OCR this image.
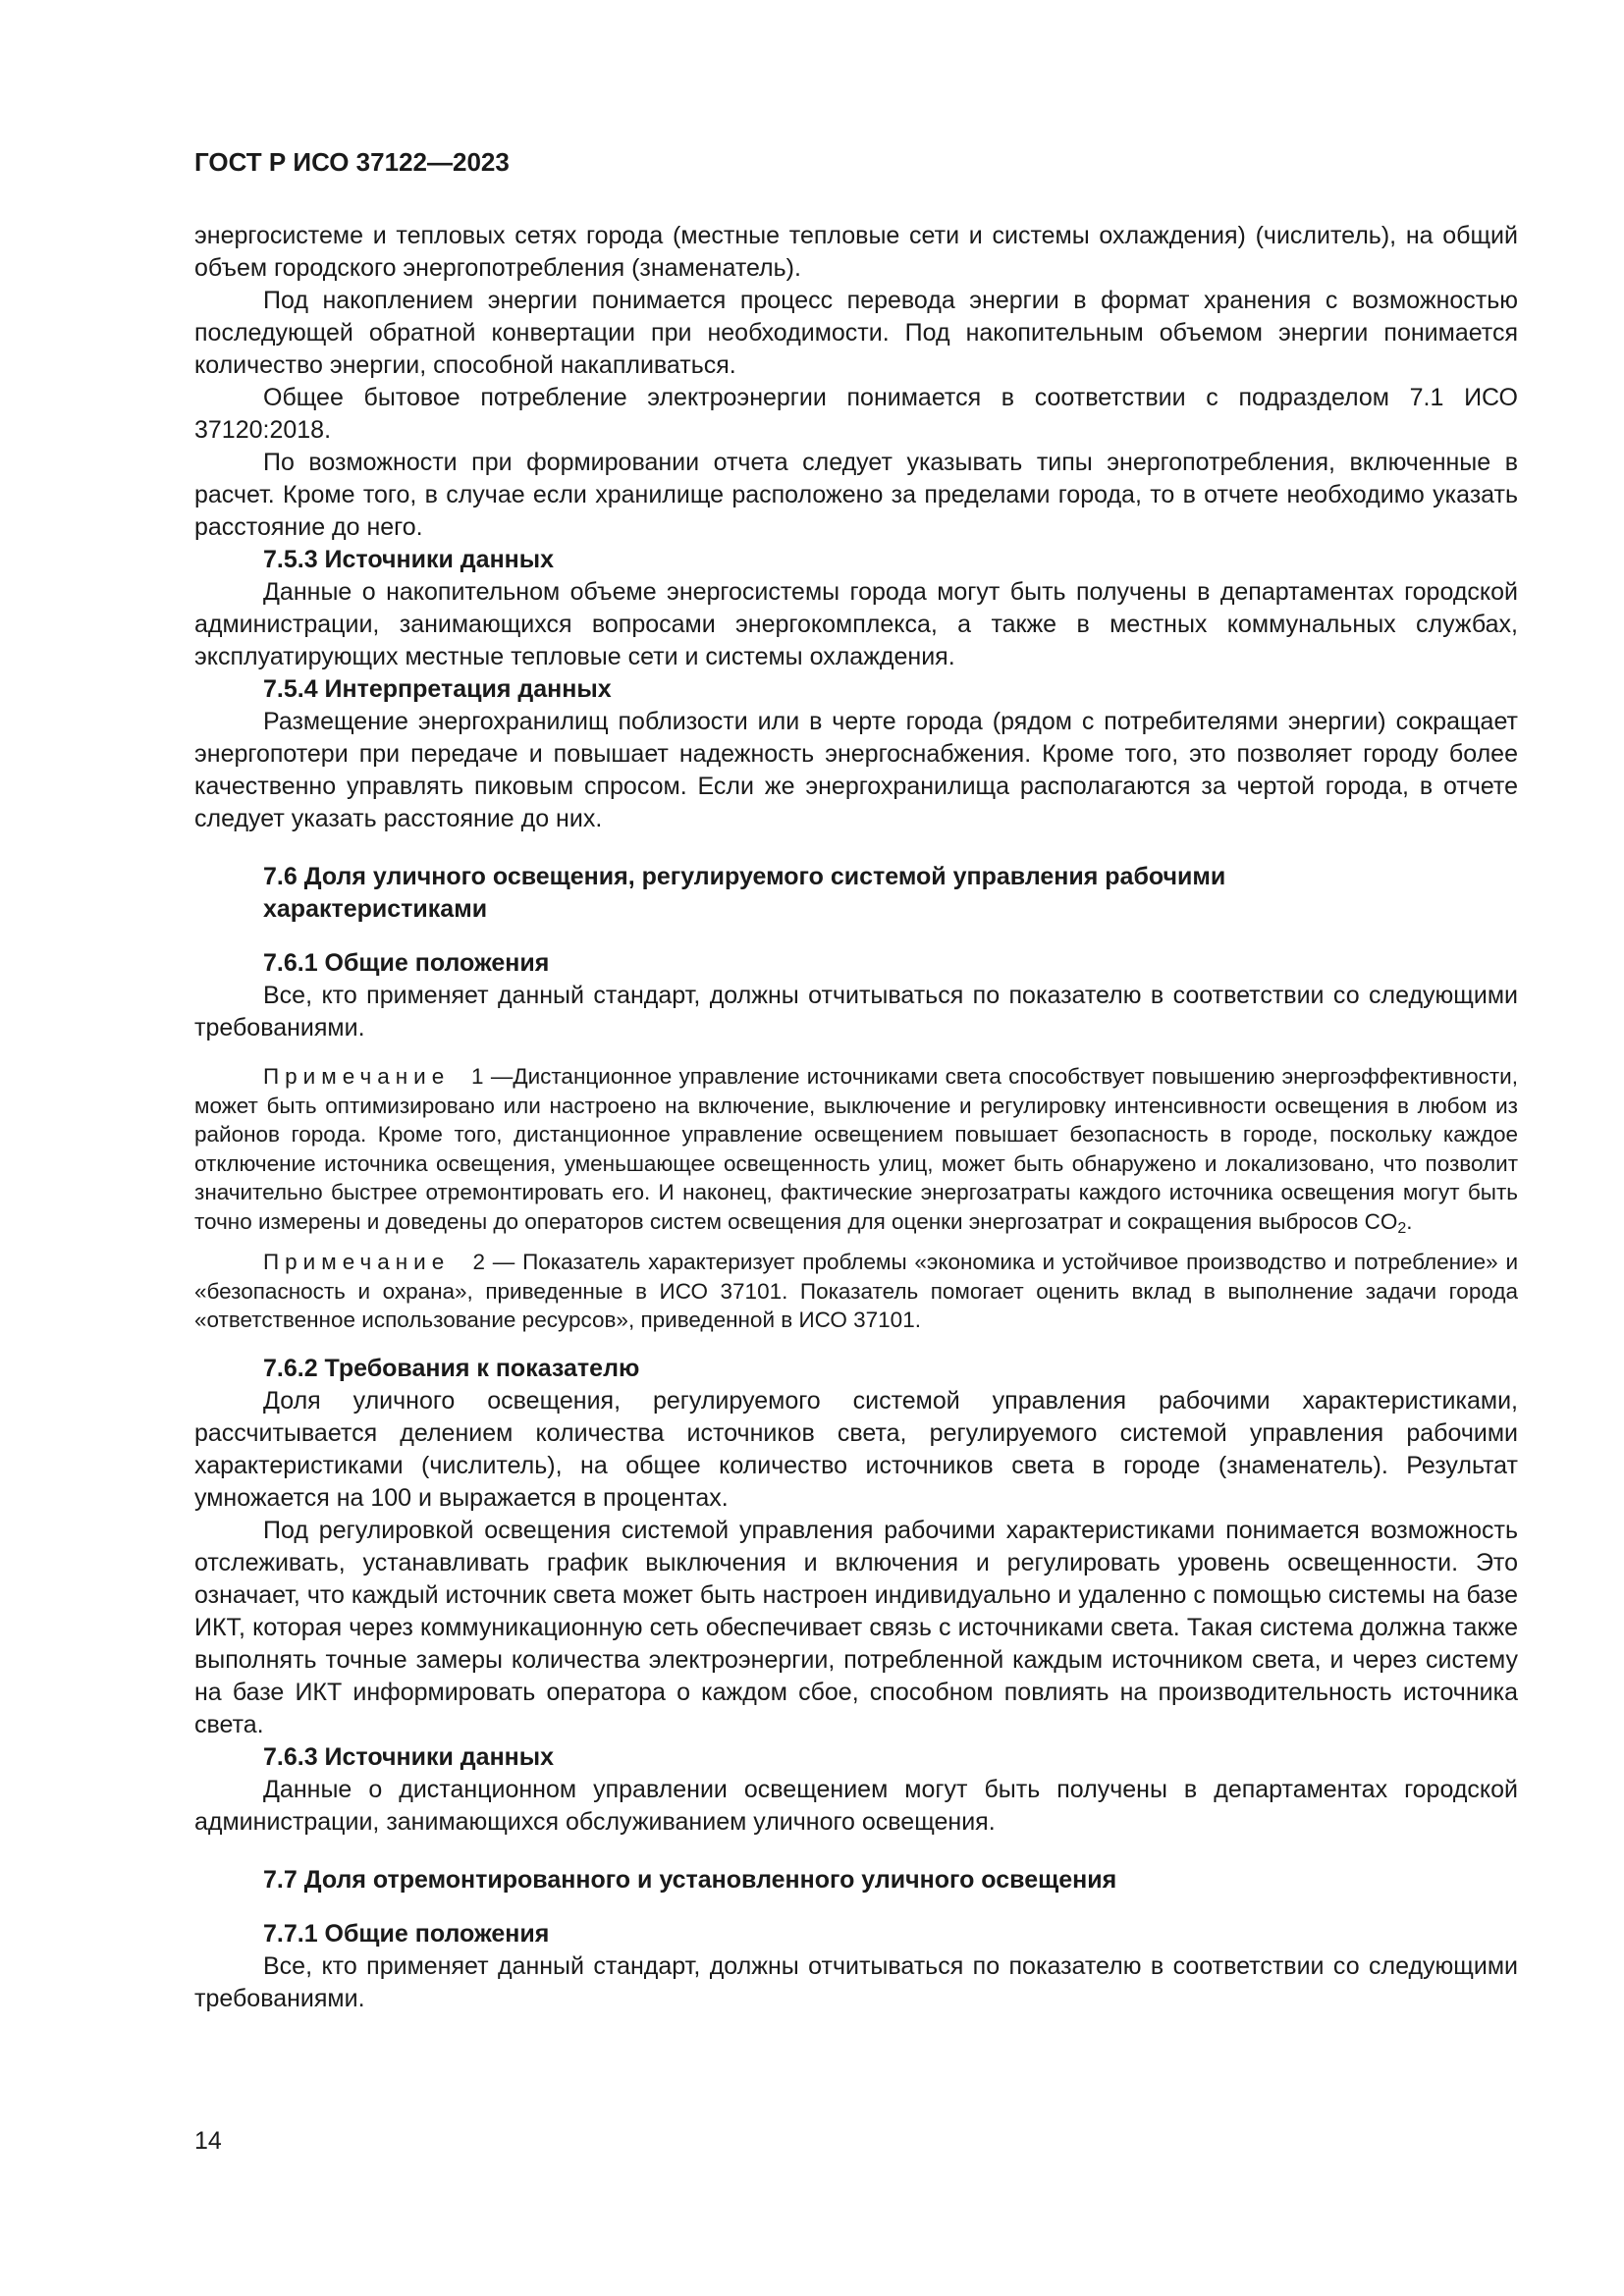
ГОСТ Р ИСО 37122—2023

энергосистеме и тепловых сетях города (местные тепловые сети и системы охлаждения) (числитель), на общий объем городского энергопотребления (знаменатель).

Под накоплением энергии понимается процесс перевода энергии в формат хранения с возможностью последующей обратной конвертации при необходимости. Под накопительным объемом энергии понимается количество энергии, способной накапливаться.

Общее бытовое потребление электроэнергии понимается в соответствии с подразделом 7.1 ИСО 37120:2018.

По возможности при формировании отчета следует указывать типы энергопотребления, включенные в расчет. Кроме того, в случае если хранилище расположено за пределами города, то в отчете необходимо указать расстояние до него.

7.5.3 Источники данных

Данные о накопительном объеме энергосистемы города могут быть получены в департаментах городской администрации, занимающихся вопросами энергокомплекса, а также в местных коммунальных службах, эксплуатирующих местные тепловые сети и системы охлаждения.

7.5.4 Интерпретация данных

Размещение энергохранилищ поблизости или в черте города (рядом с потребителями энергии) сокращает энергопотери при передаче и повышает надежность энергоснабжения. Кроме того, это позволяет городу более качественно управлять пиковым спросом. Если же энергохранилища располагаются за чертой города, в отчете следует указать расстояние до них.

7.6 Доля уличного освещения, регулируемого системой управления рабочими
характеристиками
7.6.1 Общие положения

Все, кто применяет данный стандарт, должны отчитываться по показателю в соответствии со следующими требованиями.

Примечание 1 —Дистанционное управление источниками света способствует повышению энергоэффективности, может быть оптимизировано или настроено на включение, выключение и регулировку интенсивности освещения в любом из районов города. Кроме того, дистанционное управление освещением повышает безопасность в городе, поскольку каждое отключение источника освещения, уменьшающее освещенность улиц, может быть обнаружено и локализовано, что позволит значительно быстрее отремонтировать его. И наконец, фактические энергозатраты каждого источника освещения могут быть точно измерены и доведены до операторов систем освещения для оценки энергозатрат и сокращения выбросов $CO_2$.

Примечание 2 — Показатель характеризует проблемы «экономика и устойчивое производство и потребление» и «безопасность и охрана», приведенные в ИСО 37101. Показатель помогает оценить вклад в выполнение задачи города «ответственное использование ресурсов», приведенной в ИСО 37101.

7.6.2 Требования к показателю

Доля уличного освещения, регулируемого системой управления рабочими характеристиками, рассчитывается делением количества источников света, регулируемого системой управления рабочими характеристиками (числитель), на общее количество источников света в городе (знаменатель). Результат умножается на 100 и выражается в процентах.

Под регулировкой освещения системой управления рабочими характеристиками понимается возможность отслеживать, устанавливать график выключения и включения и регулировать уровень освещенности. Это означает, что каждый источник света может быть настроен индивидуально и удаленно с помощью системы на базе ИКТ, которая через коммуникационную сеть обеспечивает связь с источниками света. Такая система должна также выполнять точные замеры количества электроэнергии, потребленной каждым источником света, и через систему на базе ИКТ информировать оператора о каждом сбое, способном повлиять на производительность источника света.

7.6.3 Источники данных

Данные о дистанционном управлении освещением могут быть получены в департаментах городской администрации, занимающихся обслуживанием уличного освещения.

7.7 Доля отремонтированного и установленного уличного освещения
7.7.1 Общие положения

Все, кто применяет данный стандарт, должны отчитываться по показателю в соответствии со следующими требованиями.

14
